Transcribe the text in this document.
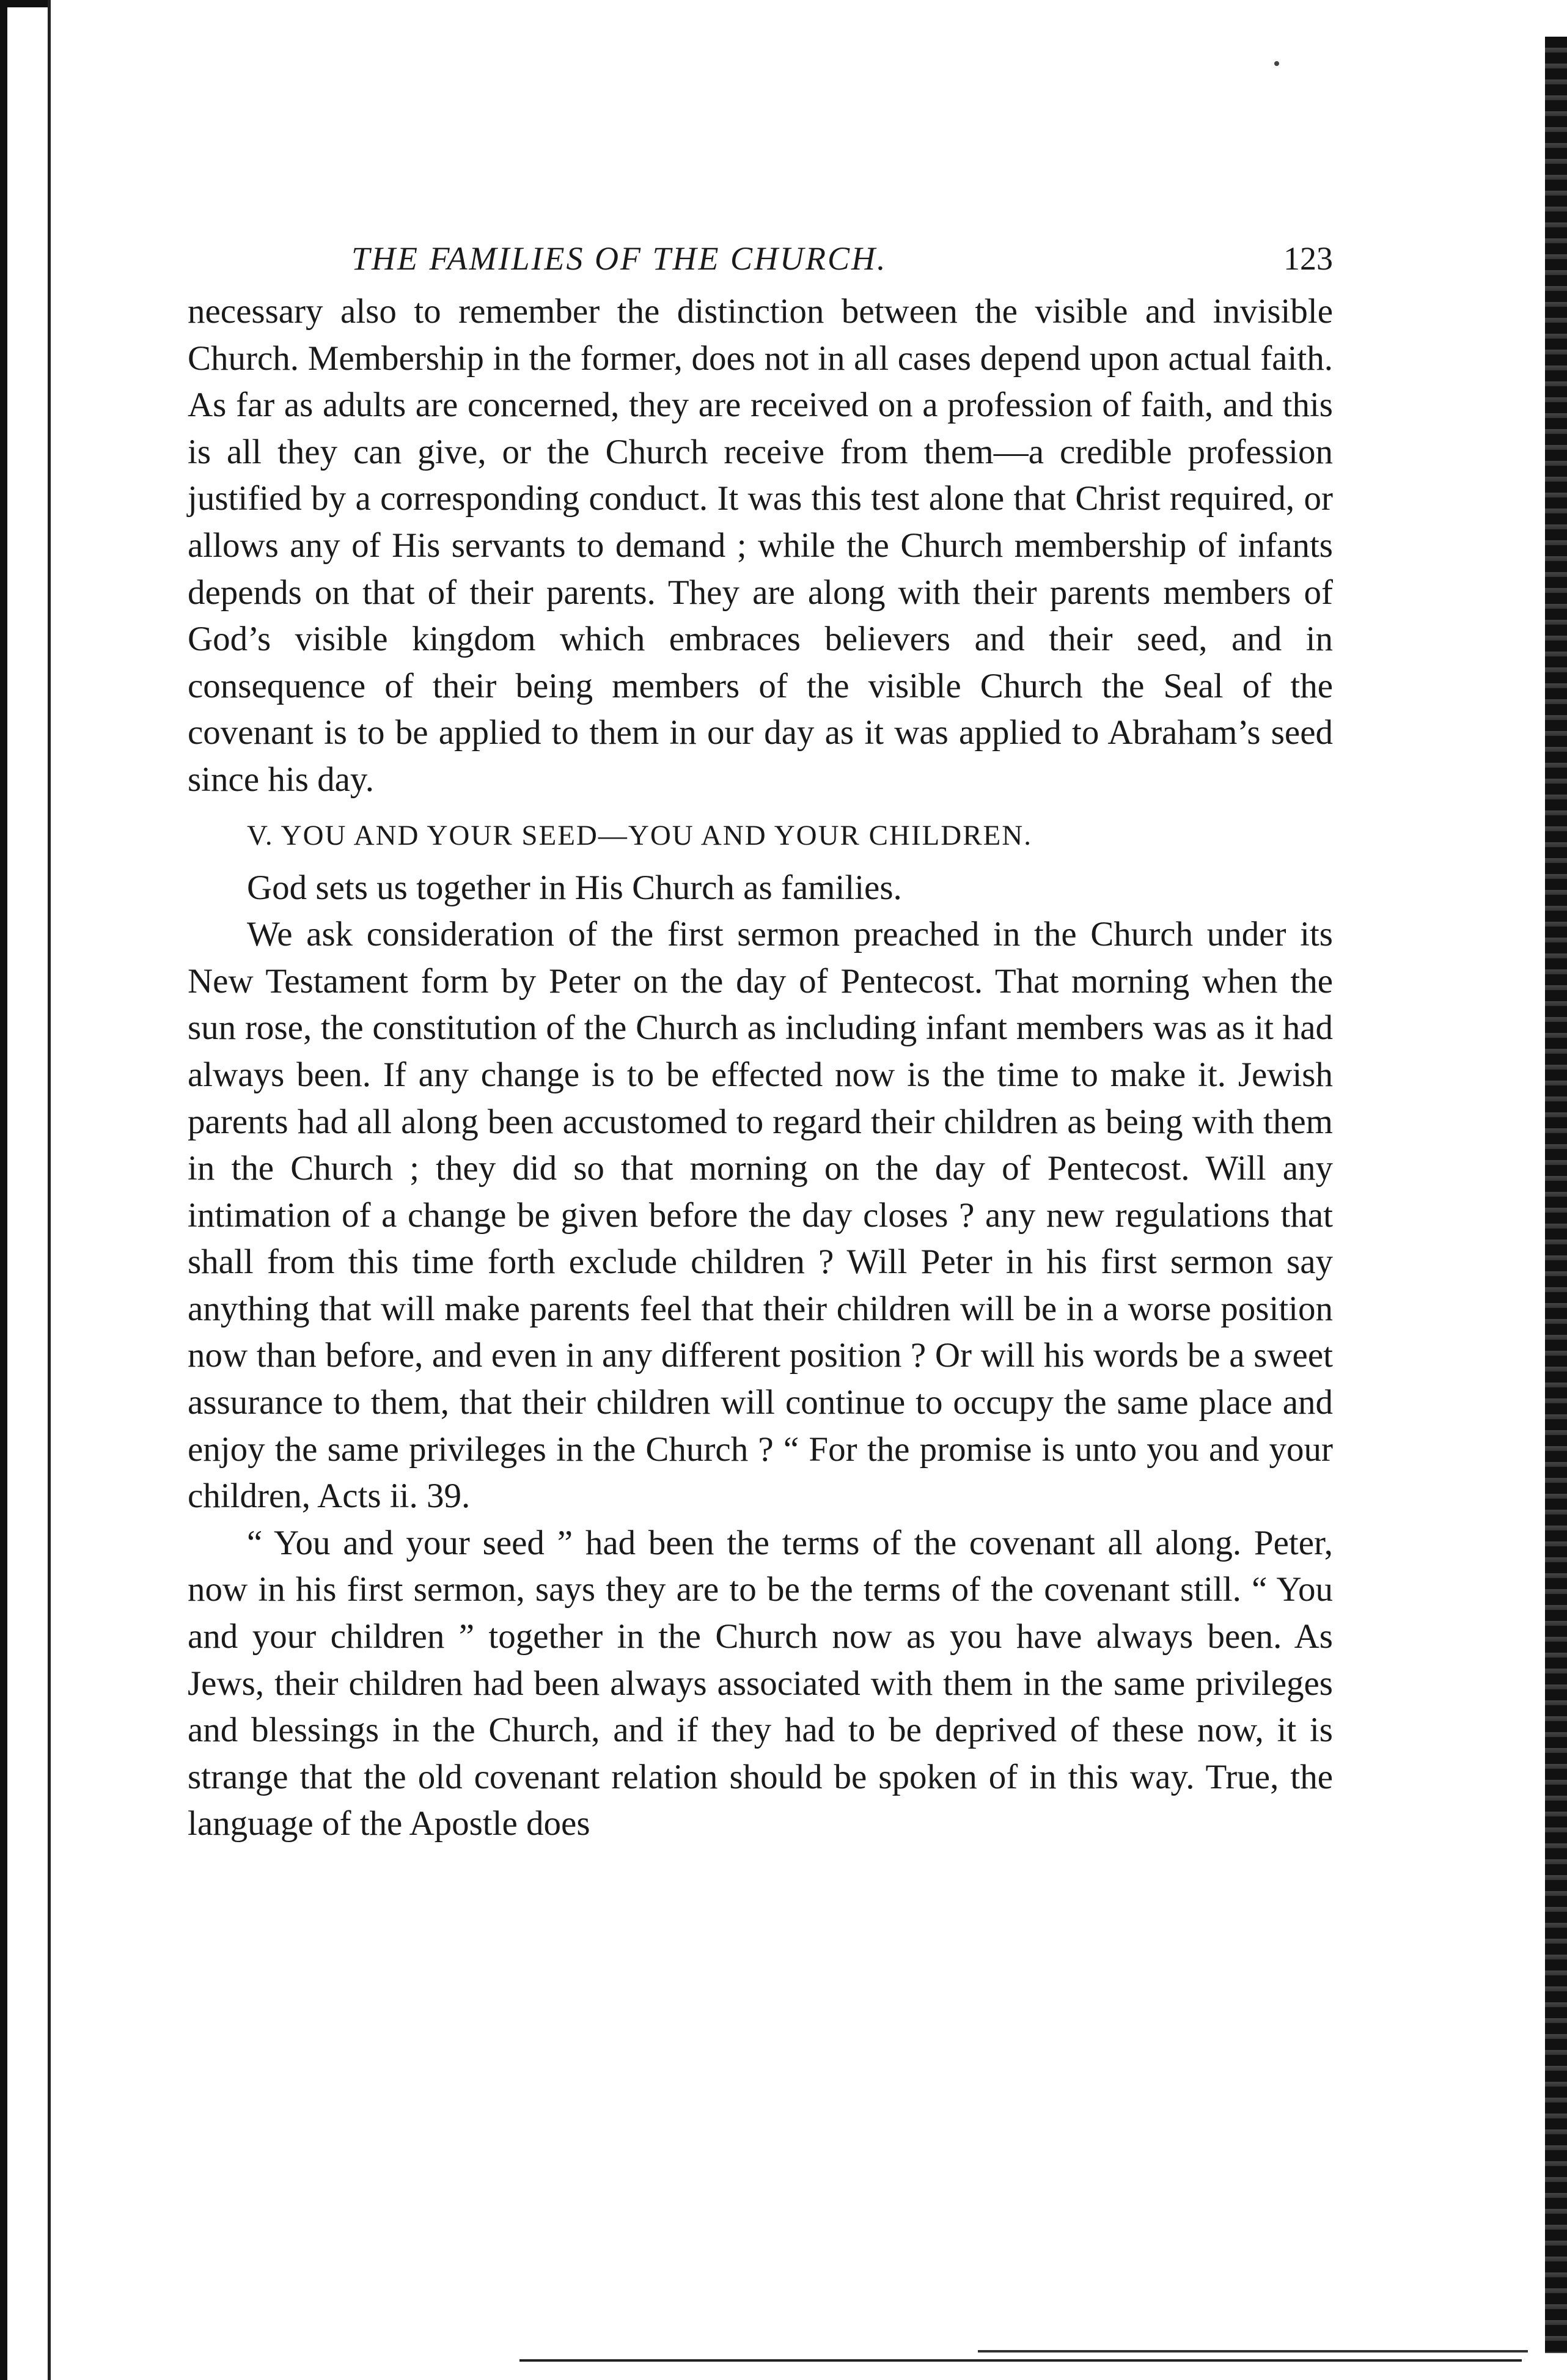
THE FAMILIES OF THE CHURCH.	123

necessary also to remember the distinction between the visible and invisible Church. Membership in the former, does not in all cases depend upon actual faith. As far as adults are concerned, they are received on a profession of faith, and this is all they can give, or the Church receive from them—a credible profession justified by a corresponding conduct. It was this test alone that Christ required, or allows any of His servants to demand ; while the Church membership of infants depends on that of their parents. They are along with their parents members of God’s visible kingdom which embraces believers and their seed, and in consequence of their being members of the visible Church the Seal of the covenant is to be applied to them in our day as it was applied to Abraham’s seed since his day.

V. YOU AND YOUR SEED—YOU AND YOUR CHILDREN.

God sets us together in His Church as families.

We ask consideration of the first sermon preached in the Church under its New Testament form by Peter on the day of Pentecost. That morning when the sun rose, the constitution of the Church as including infant members was as it had always been. If any change is to be effected now is the time to make it. Jewish parents had all along been accustomed to regard their children as being with them in the Church ; they did so that morning on the day of Pentecost. Will any intimation of a change be given before the day closes ? any new regulations that shall from this time forth exclude children ? Will Peter in his first sermon say anything that will make parents feel that their children will be in a worse position now than before, and even in any different position ? Or will his words be a sweet assurance to them, that their children will continue to occupy the same place and enjoy the same privileges in the Church ? “ For the promise is unto you and your children, Acts ii. 39.

“ You and your seed ” had been the terms of the covenant all along. Peter, now in his first sermon, says they are to be the terms of the covenant still. “ You and your children ” together in the Church now as you have always been. As Jews, their children had been always associated with them in the same privileges and blessings in the Church, and if they had to be deprived of these now, it is strange that the old covenant relation should be spoken of in this way. True, the language of the Apostle does
